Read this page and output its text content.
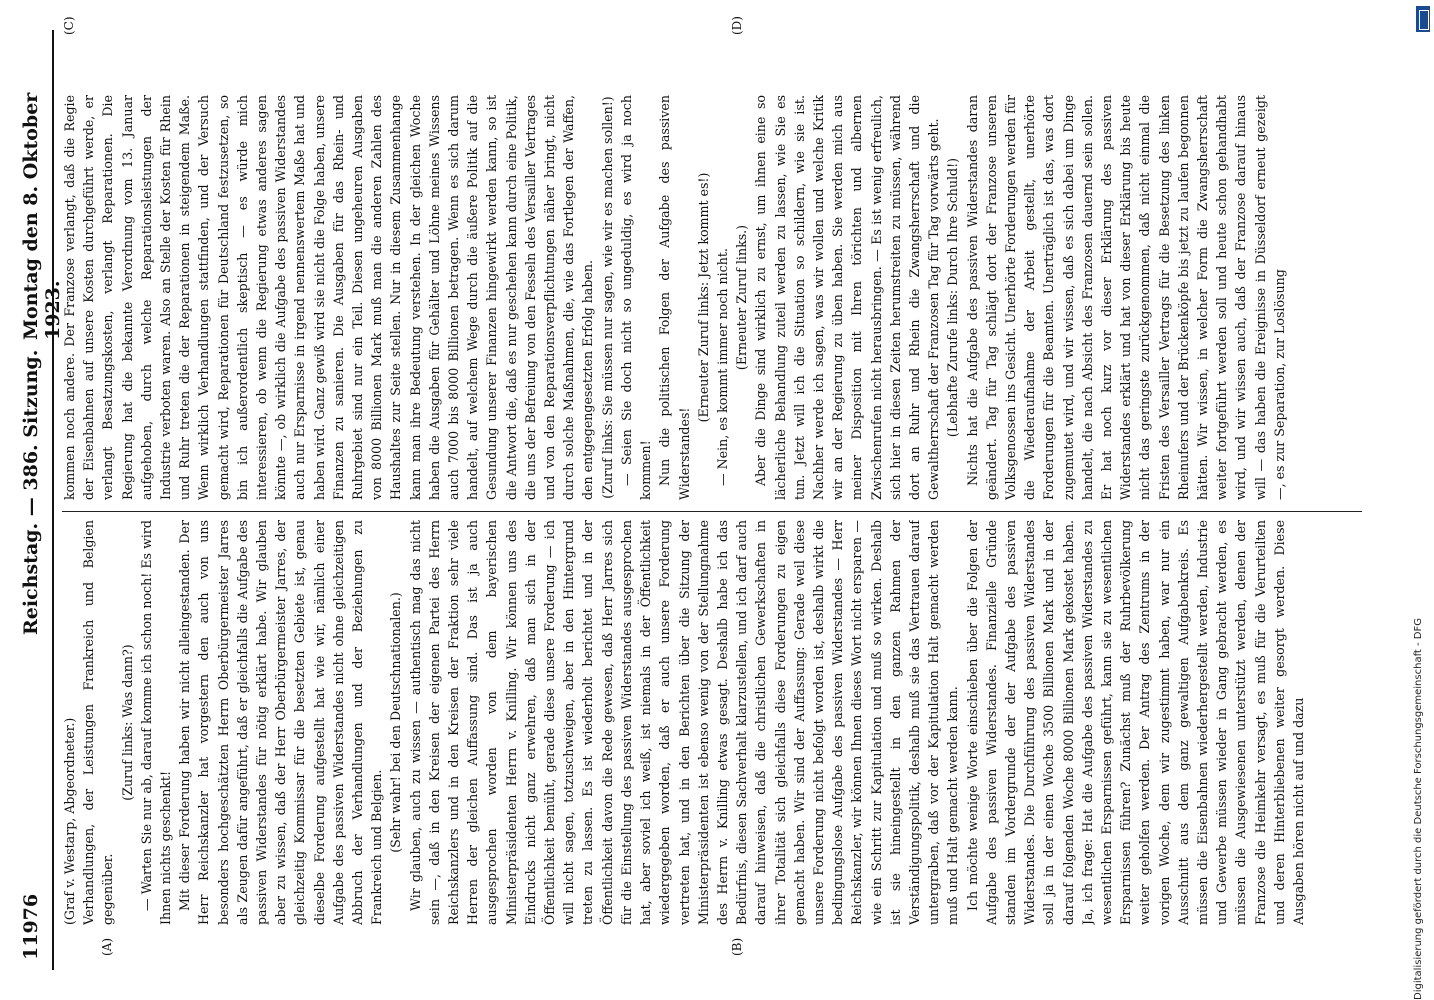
11976
Reichstag. — 386. Sitzung.
Montag den 8. Oktober 1923.
(A)	(B)
(C)	(D)

(Graf v. Westarp, Abgeordneter.) Verhandlungen, der Leistungen Frankreich und Belgien gegenüber.

(Zuruf links: Was dann?) — Warten Sie nur ab, darauf komme ich schon noch! Es wird Ihnen nichts geschenkt! Mit dieser Forderung haben wir nicht alleingestanden. Der Herr Reichskanzler hat vorgestern den auch von uns besonders hochgeschätzten Herrn Oberbürgermeister Jarres als Zeugen dafür angeführt, daß er gleichfalls die Aufgabe des passiven Widerstandes für nötig erklärt habe. Wir glauben aber zu wissen, daß der Herr Oberbürgermeister Jarres, der gleichzeitig Kommissar für die besetzten Gebiete ist, genau dieselbe Forderung aufgestellt hat wie wir, nämlich einer Aufgabe des passiven Widerstandes nicht ohne gleichzeitigen Abbruch der Verhandlungen und der Beziehungen zu Frankreich und Belgien. (Sehr wahr! bei den Deutschnationalen.) Wir glauben, auch zu wissen — authentisch mag das nicht sein —, daß in den Kreisen der eigenen Partei des Herrn Reichskanzlers und in den Kreisen der Fraktion sehr viele Herren der gleichen Auffassung sind. Das ist ja auch ausgesprochen worden von dem bayerischen Ministerpräsidenten Herrn v. Knilling. Wir können uns des Eindrucks nicht ganz erwehren, daß man sich in der Öffentlichkeit bemüht, gerade diese unsere Forderung — ich will nicht sagen, totzuschweigen, aber in den Hintergrund treten zu lassen. Es ist wiederholt berichtet und in der Öffentlichkeit davon die Rede gewesen, daß Herr Jarres sich für die Einstellung des passiven Widerstandes ausgesprochen hat, aber soviel ich weiß, ist niemals in der Öffentlichkeit wiedergegeben worden, daß er auch unsere Forderung vertreten hat, und in den Berichten über die Sitzung der Ministerpräsidenten ist ebenso wenig von der Stellungnahme des Herrn v. Knilling etwas gesagt. Deshalb habe ich das Bedürfnis, diesen Sachverhalt klarzustellen, und ich darf auch darauf hinweisen, daß die christlichen Gewerkschaften in ihrer Totalität sich gleichfalls diese Forderungen zu eigen gemacht haben. Wir sind der Auffassung: Gerade weil diese unsere Forderung nicht befolgt worden ist, deshalb wirkt die bedingungslose Aufgabe des passiven Widerstandes — Herr Reichskanzler, wir können Ihnen dieses Wort nicht ersparen — wie ein Schritt zur Kapitulation und muß so wirken. Deshalb ist sie hineingestellt in den ganzen Rahmen der Verständigungspolitik, deshalb muß sie das Vertrauen darauf untergraben, daß vor der Kapitulation Halt gemacht werden muß und Halt gemacht werden kann. Ich möchte wenige Worte einschieben über die Folgen der Aufgabe des passiven Widerstandes. Finanzielle Gründe standen im Vordergrunde der der Aufgabe des passiven Widerstandes. Die Durchführung des passiven Widerstandes soll ja in der einen Woche 3500 Billionen Mark und in der darauf folgenden Woche 8000 Billionen Mark gekostet haben. Ja, ich frage: Hat die Aufgabe des passiven Widerstandes zu wesentlichen Ersparnissen geführt, kann sie zu wesentlichen Ersparnissen führen? Zunächst muß der Ruhrbevölkerung weiter geholfen werden. Der Antrag des Zentrums in der vorigen Woche, dem wir zugestimmt haben, war nur ein Ausschnitt aus dem ganz gewaltigen Aufgabenkreis. Es müssen die Eisenbahnen wiederhergestellt werden, Industrie und Gewerbe müssen wieder in Gang gebracht werden, es müssen die Ausgewiesenen unterstützt werden, denen der Franzose die Heimkehr versagt, es muß für die Verurteilten und deren Hinterbliebenen weiter gesorgt werden. Diese Ausgaben hören nicht auf und dazu

kommen noch andere. Der Franzose verlangt, daß die Regie der Eisenbahnen auf unsere Kosten durchgeführt werde, er verlangt Besatzungskosten, verlangt Reparationen. Die Regierung hat die bekannte Verordnung vom 13. Januar aufgehoben, durch welche Reparationsleistungen der Industrie verboten waren. Also an Stelle der Kosten für Rhein und Ruhr treten die der Reparationen in steigendem Maße. Wenn wirklich Verhandlungen stattfinden, und der Versuch gemacht wird, Reparationen für Deutschland festzusetzen, so bin ich außerordentlich skeptisch — es würde mich interessieren, ob wenn die Regierung etwas anderes sagen könnte —, ob wirklich die Aufgabe des passiven Widerstandes auch nur Ersparnisse in irgend nennenswertem Maße hat und haben wird. Ganz gewiß wird sie nicht die Folge haben, unsere Finanzen zu sanieren. Die Ausgaben für das Rhein- und Ruhrgebiet sind nur ein Teil. Diesen ungeheuren Ausgaben von 8000 Billionen Mark muß man die anderen Zahlen des Haushaltes zur Seite stellen. Nur in diesem Zusammenhange kann man ihre Bedeutung verstehen. In der gleichen Woche haben die Ausgaben für Gehälter und Löhne meines Wissens auch 7000 bis 8000 Billionen betragen. Wenn es sich darum handelt, auf welchem Wege durch die äußere Politik auf die Gesundung unserer Finanzen hingewirkt werden kann, so ist die Antwort die, daß es nur geschehen kann durch eine Politik, die uns der Befreiung von den Fesseln des Versailler Vertrages und von den Reparationsverpflichtungen näher bringt, nicht durch solche Maßnahmen, die, wie das Fortlegen der Waffen, den entgegengesetzten Erfolg haben. (Zuruf links: Sie müssen nur sagen, wie wir es machen sollen!) — Seien Sie doch nicht so ungeduldig, es wird ja noch kommen! Nun die politischen Folgen der Aufgabe des passiven Widerstandes!

(Erneuter Zuruf links: Jetzt kommt es!) — Nein, es kommt immer noch nicht. (Erneuter Zuruf links.) Aber die Dinge sind wirklich zu ernst, um ihnen eine so lächerliche Behandlung zuteil werden zu lassen, wie Sie es tun. Jetzt will ich die Situation so schildern, wie sie ist. Nachher werde ich sagen, was wir wollen und welche Kritik wir an der Regierung zu üben haben. Sie werden mich aus meiner Disposition mit Ihren törichten und albernen Zwischenrufen nicht herausbringen. — Es ist wenig erfreulich, sich hier in diesen Zeiten herumstreiten zu müssen, während dort an Ruhr und Rhein die Zwangsherrschaft und die Gewaltherrschaft der Franzosen Tag für Tag vorwärts geht. (Lebhafte Zurufe links: Durch Ihre Schuld!) Nichts hat die Aufgabe des passiven Widerstandes daran geändert. Tag für Tag schlägt dort der Franzose unseren Volksgenossen ins Gesicht. Unerhörte Forderungen werden für die Wiederaufnahme der Arbeit gestellt, unerhörte Forderungen für die Beamten. Unerträglich ist das, was dort zugemutet wird, und wir wissen, daß es sich dabei um Dinge handelt, die nach Absicht des Franzosen dauernd sein sollen. Er hat noch kurz vor dieser Erklärung des passiven Widerstandes erklärt und hat von dieser Erklärung bis heute nicht das geringste zurückgenommen, daß nicht einmal die Fristen des Versailler Vertrags für die Besetzung des linken Rheinufers und der Brückenköpfe bis jetzt zu laufen begonnen hätten. Wir wissen, in welcher Form die Zwangsherrschaft weiter fortgeführt werden soll und heute schon gehandhabt wird, und wir wissen auch, daß der Franzose darauf hinaus will — das haben die Ereignisse in Düsseldorf erneut gezeigt —, es zur Separation, zur Loslösung

Digitalisierung gefördert durch die Deutsche Forschungsgemeinschaft - DFG
